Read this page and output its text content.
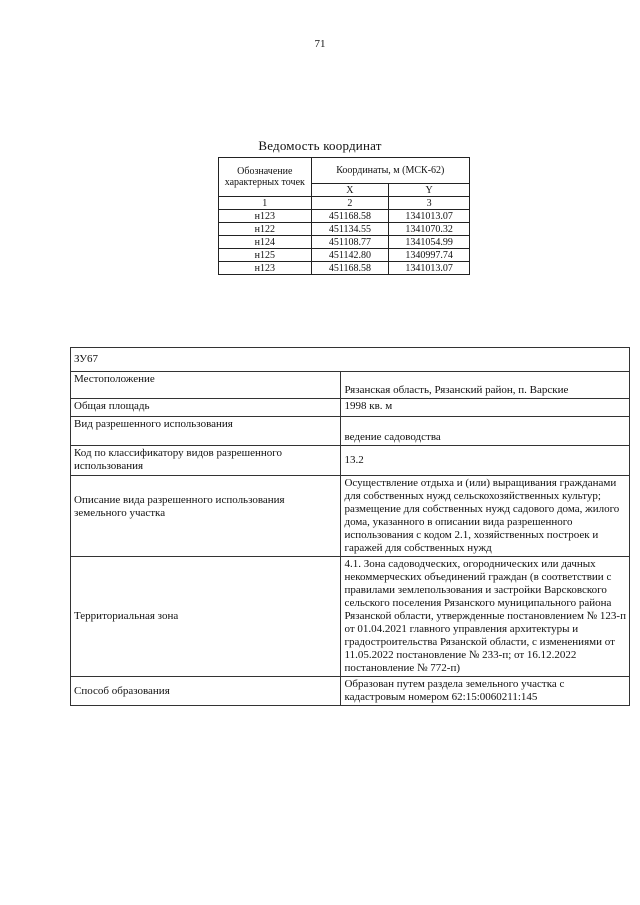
71
Ведомость координат
Обозначение характерных точек	Координаты, м (МСК-62)	
	X	Y
1	2	3
н123	451168.58	1341013.07
н122	451134.55	1341070.32
н124	451108.77	1341054.99
н125	451142.80	1340997.74
н123	451168.58	1341013.07
ЗУ67	
Местоположение	Рязанская область, Рязанский район, п. Варские
Общая площадь	1998 кв. м
Вид разрешенного использования	ведение садоводства
Код по классификатору видов разрешенного использования	13.2
Описание вида разрешенного использования земельного участка	Осуществление отдыха и (или) выращивания гражданами для собственных нужд сельскохозяйственных культур; размещение для собственных нужд садового дома, жилого дома, указанного в описании вида разрешенного использования с кодом 2.1, хозяйственных построек и гаражей для собственных нужд
Территориальная зона	4.1. Зона садоводческих, огороднических или дачных некоммерческих объединений граждан (в соответствии с правилами землепользования и застройки Варсковского сельского поселения Рязанского муниципального района Рязанской области, утвержденные постановлением № 123-п от 01.04.2021 главного управления архитектуры и градостроительства Рязанской области, с изменениями от 11.05.2022 постановление № 233-п; от 16.12.2022 постановление № 772-п)
Способ образования	Образован путем раздела земельного участка с кадастровым номером 62:15:0060211:145
